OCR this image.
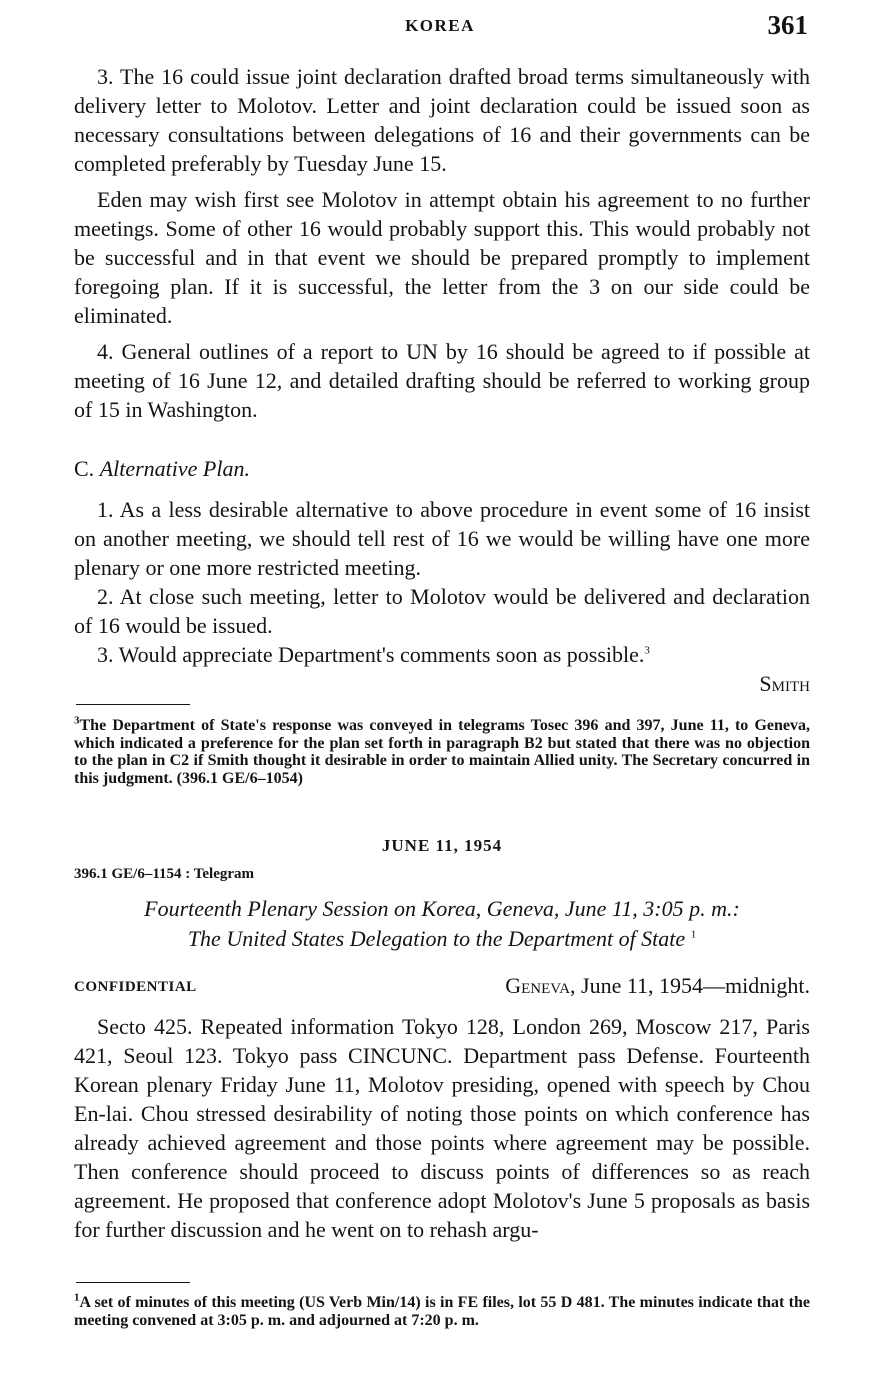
KOREA	361

3. The 16 could issue joint declaration drafted broad terms simultaneously with delivery letter to Molotov. Letter and joint declaration could be issued soon as necessary consultations between delegations of 16 and their governments can be completed preferably by Tuesday June 15.

Eden may wish first see Molotov in attempt obtain his agreement to no further meetings. Some of other 16 would probably support this. This would probably not be successful and in that event we should be prepared promptly to implement foregoing plan. If it is successful, the letter from the 3 on our side could be eliminated.

4. General outlines of a report to UN by 16 should be agreed to if possible at meeting of 16 June 12, and detailed drafting should be referred to working group of 15 in Washington.

C. Alternative Plan.

1. As a less desirable alternative to above procedure in event some of 16 insist on another meeting, we should tell rest of 16 we would be willing have one more plenary or one more restricted meeting.

2. At close such meeting, letter to Molotov would be delivered and declaration of 16 would be issued.

3. Would appreciate Department's comments soon as possible.$^3$

Smith

$^3$The Department of State's response was conveyed in telegrams Tosec 396 and 397, June 11, to Geneva, which indicated a preference for the plan set forth in paragraph B2 but stated that there was no objection to the plan in C2 if Smith thought it desirable in order to maintain Allied unity. The Secretary concurred in this judgment. (396.1 GE/6–1054)

JUNE 11, 1954
396.1 GE/6–1154 : Telegram
Fourteenth Plenary Session on Korea, Geneva, June 11, 3:05 p. m.:
The United States Delegation to the Department of State $^1$
CONFIDENTIAL	Geneva, June 11, 1954—midnight.

Secto 425. Repeated information Tokyo 128, London 269, Moscow 217, Paris 421, Seoul 123. Tokyo pass CINCUNC. Department pass Defense. Fourteenth Korean plenary Friday June 11, Molotov presiding, opened with speech by Chou En-lai. Chou stressed desirability of noting those points on which conference has already achieved agreement and those points where agreement may be possible. Then conference should proceed to discuss points of differences so as reach agreement. He proposed that conference adopt Molotov's June 5 proposals as basis for further discussion and he went on to rehash argu-

$^1$A set of minutes of this meeting (US Verb Min/14) is in FE files, lot 55 D 481. The minutes indicate that the meeting convened at 3:05 p. m. and adjourned at 7:20 p. m.
